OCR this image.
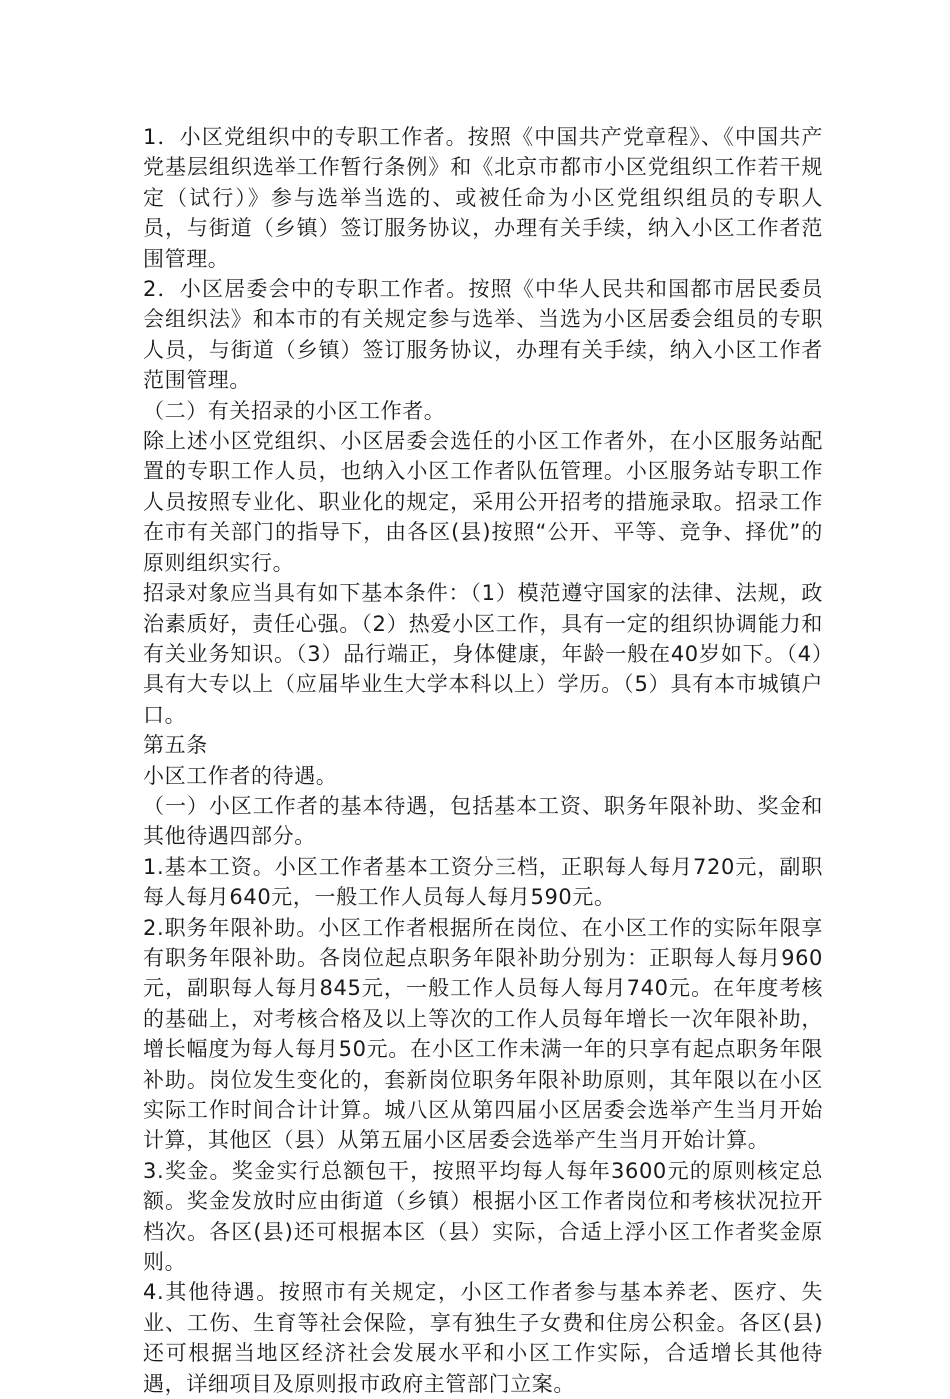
1．小区党组织中的专职工作者。按照《中国共产党章程》、《中国共产党基层组织选举工作暂行条例》和《北京市都市小区党组织工作若干规定（试行）》参与选举当选的、或被任命为小区党组织组员的专职人员，与街道（乡镇）签订服务协议，办理有关手续，纳入小区工作者范围管理。

2．小区居委会中的专职工作者。按照《中华人民共和国都市居民委员会组织法》和本市的有关规定参与选举、当选为小区居委会组员的专职人员，与街道（乡镇）签订服务协议，办理有关手续，纳入小区工作者范围管理。

（二）有关招录的小区工作者。

除上述小区党组织、小区居委会选任的小区工作者外，在小区服务站配置的专职工作人员，也纳入小区工作者队伍管理。小区服务站专职工作人员按照专业化、职业化的规定，采用公开招考的措施录取。招录工作在市有关部门的指导下，由各区(县)按照“公开、平等、竞争、择优”的原则组织实行。

招录对象应当具有如下基本条件：（1）模范遵守国家的法律、法规，政治素质好，责任心强。（2）热爱小区工作，具有一定的组织协调能力和有关业务知识。（3）品行端正，身体健康，年龄一般在40岁如下。（4）具有大专以上（应届毕业生大学本科以上）学历。（5）具有本市城镇户口。

第五条

小区工作者的待遇。

（一）小区工作者的基本待遇，包括基本工资、职务年限补助、奖金和其他待遇四部分。

1.基本工资。小区工作者基本工资分三档，正职每人每月720元，副职每人每月640元，一般工作人员每人每月590元。

2.职务年限补助。小区工作者根据所在岗位、在小区工作的实际年限享有职务年限补助。各岗位起点职务年限补助分别为：正职每人每月960元，副职每人每月845元，一般工作人员每人每月740元。在年度考核的基础上，对考核合格及以上等次的工作人员每年增长一次年限补助，增长幅度为每人每月50元。在小区工作未满一年的只享有起点职务年限补助。岗位发生变化的，套新岗位职务年限补助原则，其年限以在小区实际工作时间合计计算。城八区从第四届小区居委会选举产生当月开始计算，其他区（县）从第五届小区居委会选举产生当月开始计算。

3.奖金。奖金实行总额包干，按照平均每人每年3600元的原则核定总额。奖金发放时应由街道（乡镇）根据小区工作者岗位和考核状况拉开档次。各区(县)还可根据本区（县）实际，合适上浮小区工作者奖金原则。

4.其他待遇。按照市有关规定，小区工作者参与基本养老、医疗、失业、工伤、生育等社会保险，享有独生子女费和住房公积金。各区(县)还可根据当地区经济社会发展水平和小区工作实际，合适增长其他待遇，详细项目及原则报市政府主管部门立案。
